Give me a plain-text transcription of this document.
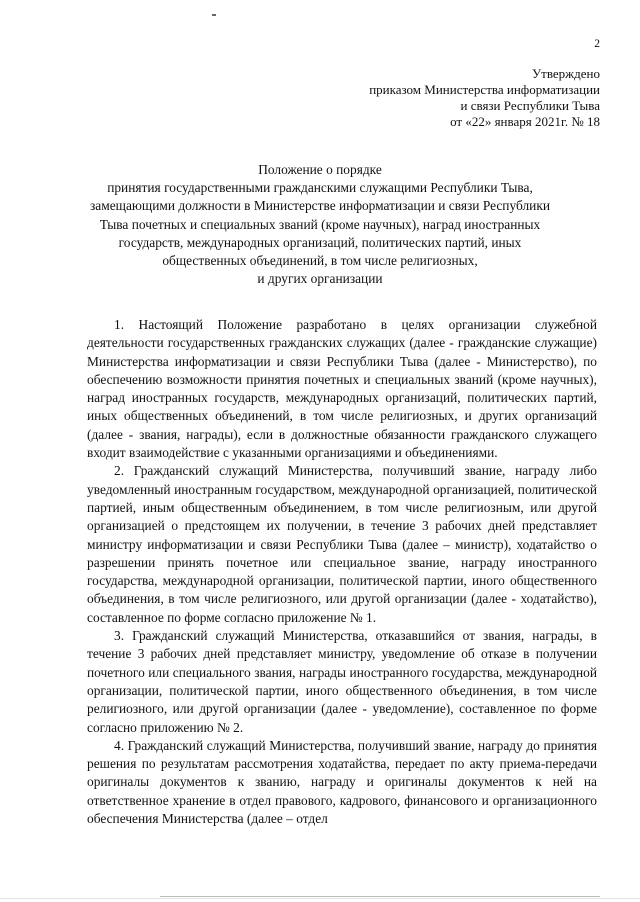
2
Утверждено
приказом Министерства информатизации
и связи Республики Тыва
от «22» января 2021г. № 18
Положение о порядке
принятия государственными гражданскими служащими Республики Тыва,
замещающими должности в Министерстве информатизации и связи Республики
Тыва почетных и специальных званий (кроме научных), наград иностранных
государств, международных организаций, политических партий, иных
общественных объединений, в том числе религиозных,
и других организации

1. Настоящий Положение разработано в целях организации служебной деятельности государственных гражданских служащих (далее - гражданские служащие) Министерства информатизации и связи Республики Тыва (далее - Министерство), по обеспечению возможности принятия почетных и специальных званий (кроме научных), наград иностранных государств, международных организаций, политических партий, иных общественных объединений, в том числе религиозных, и других организаций (далее - звания, награды), если в должностные обязанности гражданского служащего входит взаимодействие с указанными организациями и объединениями.

2. Гражданский служащий Министерства, получивший звание, награду либо уведомленный иностранным государством, международной организацией, политической партией, иным общественным объединением, в том числе религиозным, или другой организацией о предстоящем их получении, в течение 3 рабочих дней представляет министру информатизации и связи Республики Тыва (далее – министр), ходатайство о разрешении принять почетное или специальное звание, награду иностранного государства, международной организации, политической партии, иного общественного объединения, в том числе религиозного, или другой организации (далее - ходатайство), составленное по форме согласно приложение № 1.

3. Гражданский служащий Министерства, отказавшийся от звания, награды, в течение 3 рабочих дней представляет министру, уведомление об отказе в получении почетного или специального звания, награды иностранного государства, международной организации, политической партии, иного общественного объединения, в том числе религиозного, или другой организации (далее - уведомление), составленное по форме согласно приложению № 2.

4. Гражданский служащий Министерства, получивший звание, награду до принятия решения по результатам рассмотрения ходатайства, передает по акту приема-передачи оригиналы документов к званию, награду и оригиналы документов к ней на ответственное хранение в отдел правового, кадрового, финансового и организационного обеспечения Министерства (далее – отдел
